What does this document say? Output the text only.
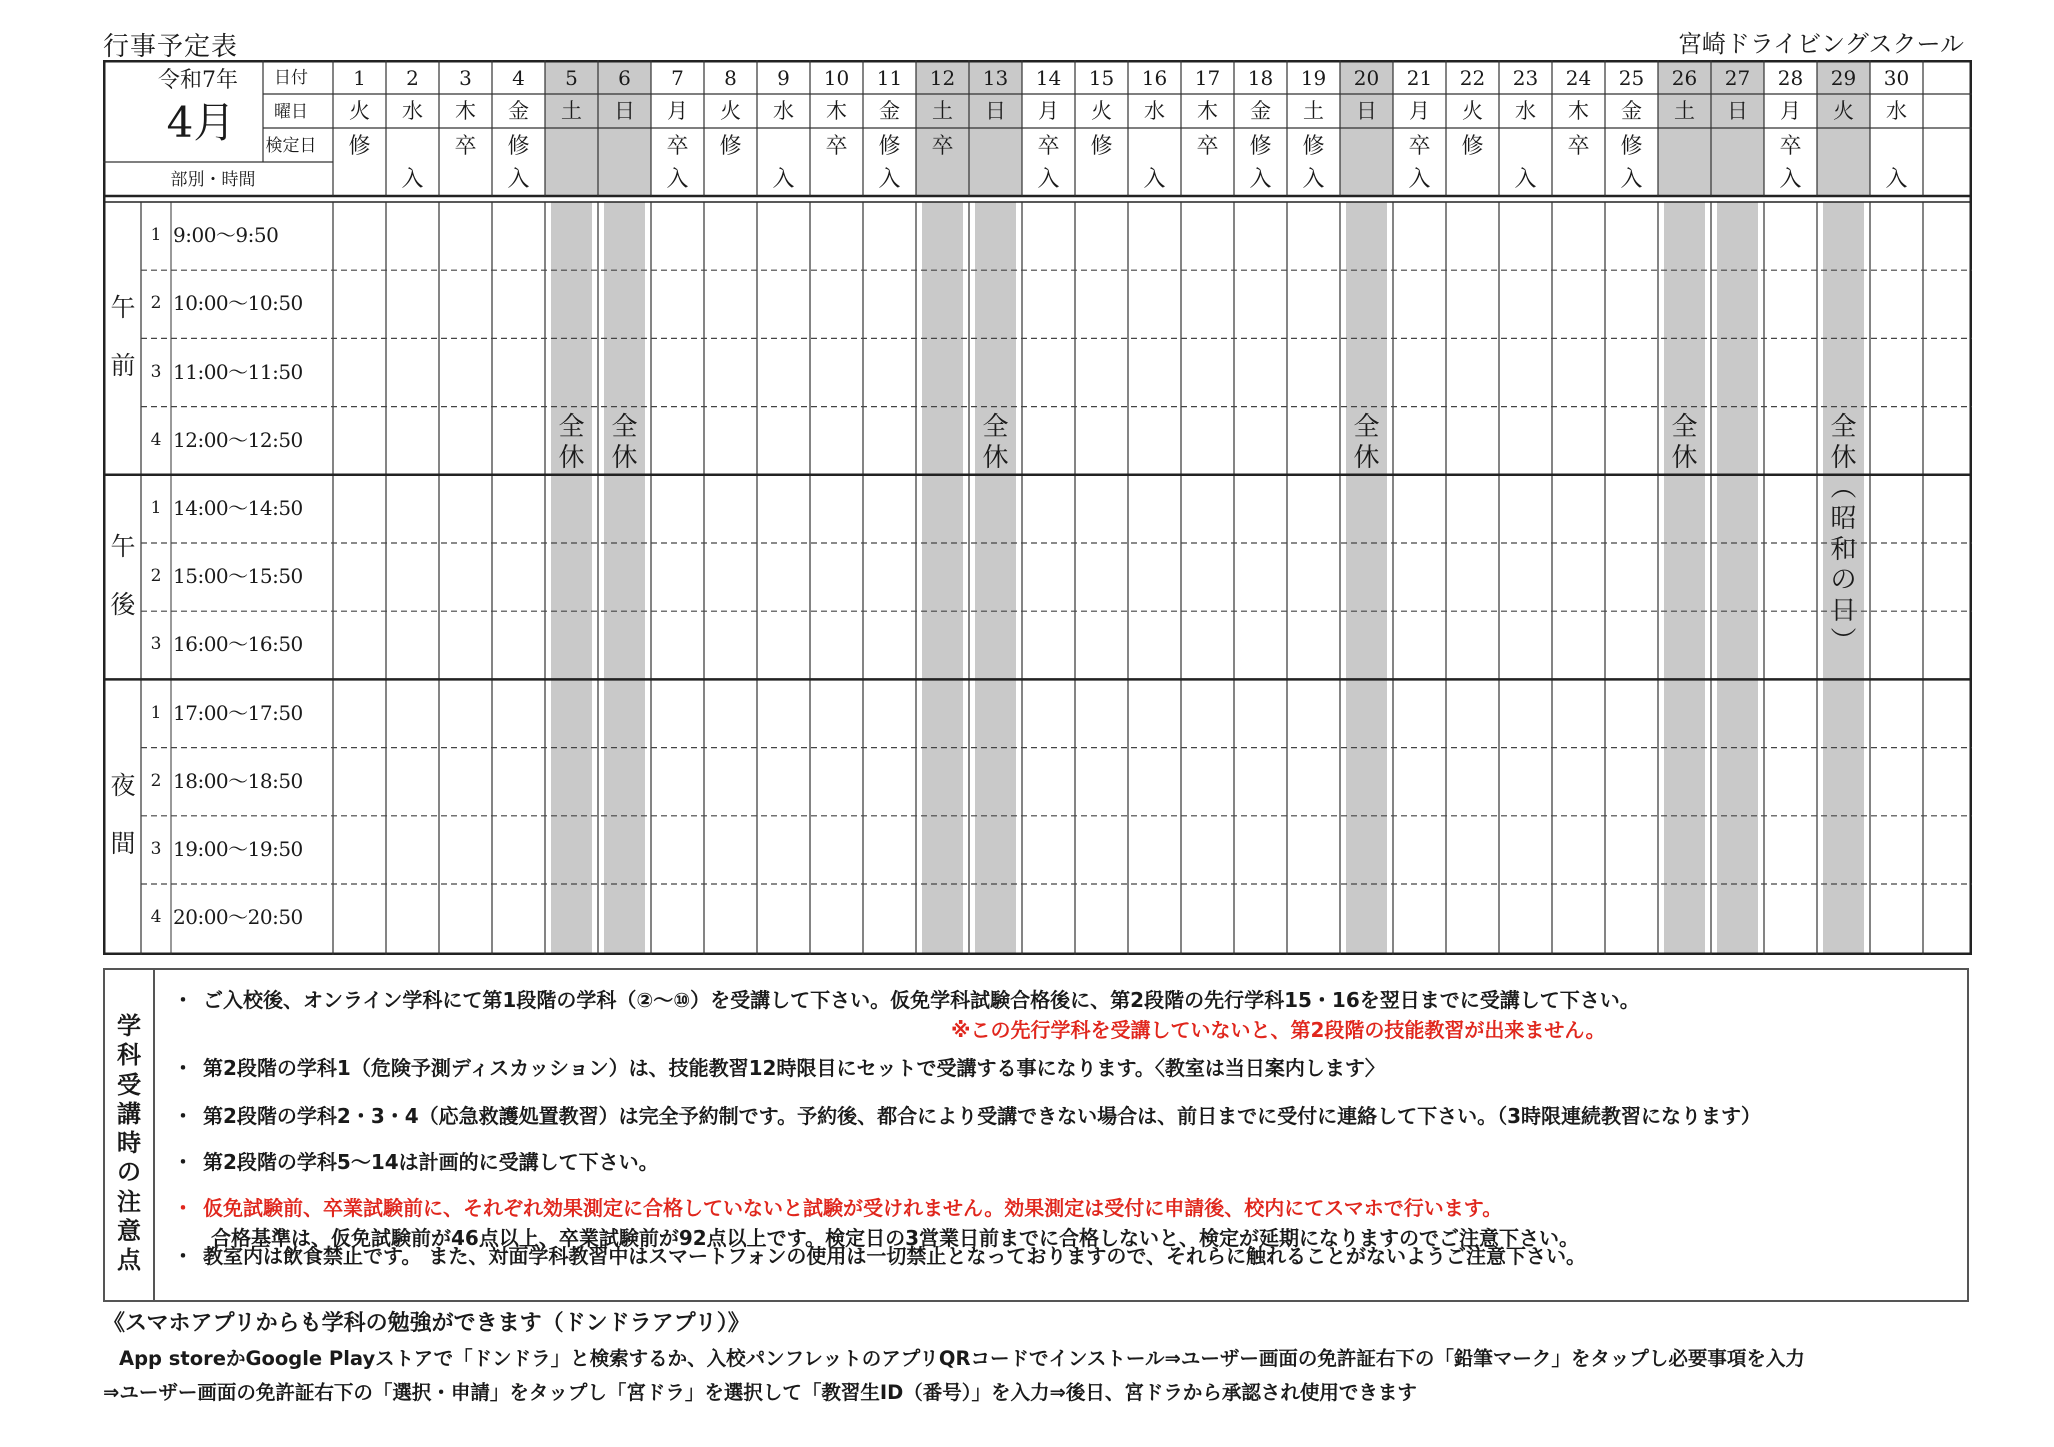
行事予定表	宮崎ドライビングスクール
令和7年
4月
日付
曜日
検定日
部別・時間
午
前
1 9:00～9:50
2 10:00～10:50
3 11:00～11:50
4 12:00～12:50
午
後
1 14:00～14:50
2 15:00～15:50
3 16:00～16:50
夜
間
1 17:00～17:50
2 18:00～18:50
3 19:00～19:50
4 20:00～20:50
1
火
修
2
水
入
3
木
卒
4
金
修
入
5
土
全
休
6
日
全
休
7
月
卒
入
8
火
修
9
水
入
10
木
卒
11
金
修
入
12
土
卒
13
日
全
休
14
月
卒
入
15
火
修
16
水
入
17
木
卒
18
金
修
入
19
土
修
入
20
日
全
休
21
月
卒
入
22
火
修
23
水
入
24
木
卒
25
金
修
入
26
土
全
休
27
日
28
月
卒
入
29
火
全
休
︵
昭
和
の
日
︶
30
水
入
学科受講時の注意点
・ ご入校後、オンライン学科にて第1段階の学科（②～⑩）を受講して下さい。仮免学科試験合格後に、第2段階の先行学科15・16を翌日までに受講して下さい。
※この先行学科を受講していないと、第2段階の技能教習が出来ません。
・ 第2段階の学科1（危険予測ディスカッション）は、技能教習12時限目にセットで受講する事になります。〈教室は当日案内します〉
・ 第2段階の学科2・3・4（応急救護処置教習）は完全予約制です。予約後、都合により受講できない場合は、前日までに受付に連絡して下さい。（3時限連続教習になります）
・ 第2段階の学科5～14は計画的に受講して下さい。
・ 仮免試験前、卒業試験前に、それぞれ効果測定に合格していないと試験が受けれません。効果測定は受付に申請後、校内にてスマホで行います。
合格基準は、仮免試験前が46点以上、卒業試験前が92点以上です。検定日の3営業日前までに合格しないと、検定が延期になりますのでご注意下さい。
・ 教室内は飲食禁止です。 また、対面学科教習中はスマートフォンの使用は一切禁止となっておりますので、それらに触れることがないようご注意下さい。
《スマホアプリからも学科の勉強ができます（ドンドラアプリ）》
App storeかGoogle Playストアで「ドンドラ」と検索するか、入校パンフレットのアプリQRコードでインストール⇒ユーザー画面の免許証右下の「鉛筆マーク」をタップし必要事項を入力
⇒ユーザー画面の免許証右下の「選択・申請」をタップし「宮ドラ」を選択して「教習生ID（番号）」を入力⇒後日、宮ドラから承認され使用できます
